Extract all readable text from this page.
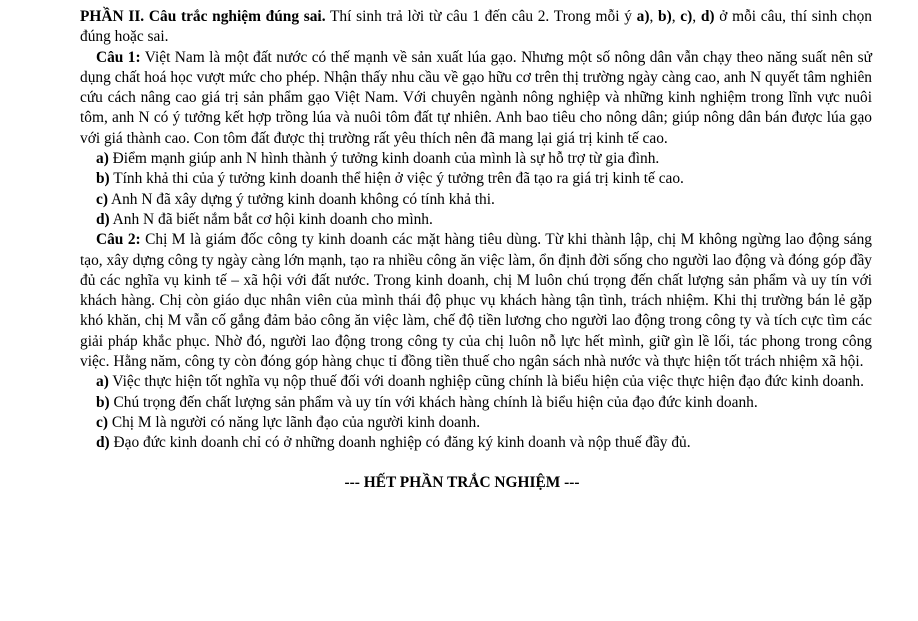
PHẦN II. Câu trắc nghiệm đúng sai. Thí sinh trả lời từ câu 1 đến câu 2. Trong mỗi ý a), b), c), d) ở mỗi câu, thí sinh chọn đúng hoặc sai.

Câu 1: Việt Nam là một đất nước có thế mạnh về sản xuất lúa gạo. Nhưng một số nông dân vẫn chạy theo năng suất nên sử dụng chất hoá học vượt mức cho phép. Nhận thấy nhu cầu về gạo hữu cơ trên thị trường ngày càng cao, anh N quyết tâm nghiên cứu cách nâng cao giá trị sản phẩm gạo Việt Nam. Với chuyên ngành nông nghiệp và những kinh nghiệm trong lĩnh vực nuôi tôm, anh N có ý tưởng kết hợp trồng lúa và nuôi tôm đất tự nhiên. Anh bao tiêu cho nông dân; giúp nông dân bán được lúa gạo với giá thành cao. Con tôm đất được thị trường rất yêu thích nên đã mang lại giá trị kinh tế cao.

a) Điểm mạnh giúp anh N hình thành ý tưởng kinh doanh của mình là sự hỗ trợ từ gia đình.

b) Tính khả thi của ý tưởng kinh doanh thể hiện ở việc ý tưởng trên đã tạo ra giá trị kinh tế cao.

c) Anh N đã xây dựng ý tưởng kinh doanh không có tính khả thi.

d) Anh N đã biết nắm bắt cơ hội kinh doanh cho mình.

Câu 2: Chị M là giám đốc công ty kinh doanh các mặt hàng tiêu dùng. Từ khi thành lập, chị M không ngừng lao động sáng tạo, xây dựng công ty ngày càng lớn mạnh, tạo ra nhiều công ăn việc làm, ổn định đời sống cho người lao động và đóng góp đầy đủ các nghĩa vụ kinh tế – xã hội với đất nước. Trong kinh doanh, chị M luôn chú trọng đến chất lượng sản phẩm và uy tín với khách hàng. Chị còn giáo dục nhân viên của mình thái độ phục vụ khách hàng tận tình, trách nhiệm. Khi thị trường bán lẻ gặp khó khăn, chị M vẫn cố gắng đảm bảo công ăn việc làm, chế độ tiền lương cho người lao động trong công ty và tích cực tìm các giải pháp khắc phục. Nhờ đó, người lao động trong công ty của chị luôn nỗ lực hết mình, giữ gìn lề lối, tác phong trong công việc. Hằng năm, công ty còn đóng góp hàng chục tỉ đồng tiền thuế cho ngân sách nhà nước và thực hiện tốt trách nhiệm xã hội.

a) Việc thực hiện tốt nghĩa vụ nộp thuế đối với doanh nghiệp cũng chính là biểu hiện của việc thực hiện đạo đức kinh doanh.

b) Chú trọng đến chất lượng sản phẩm và uy tín với khách hàng chính là biểu hiện của đạo đức kinh doanh.

c) Chị M là người có năng lực lãnh đạo của người kinh doanh.

d) Đạo đức kinh doanh chỉ có ở những doanh nghiệp có đăng ký kinh doanh và nộp thuế đầy đủ.

--- HẾT PHẦN TRẮC NGHIỆM ---
